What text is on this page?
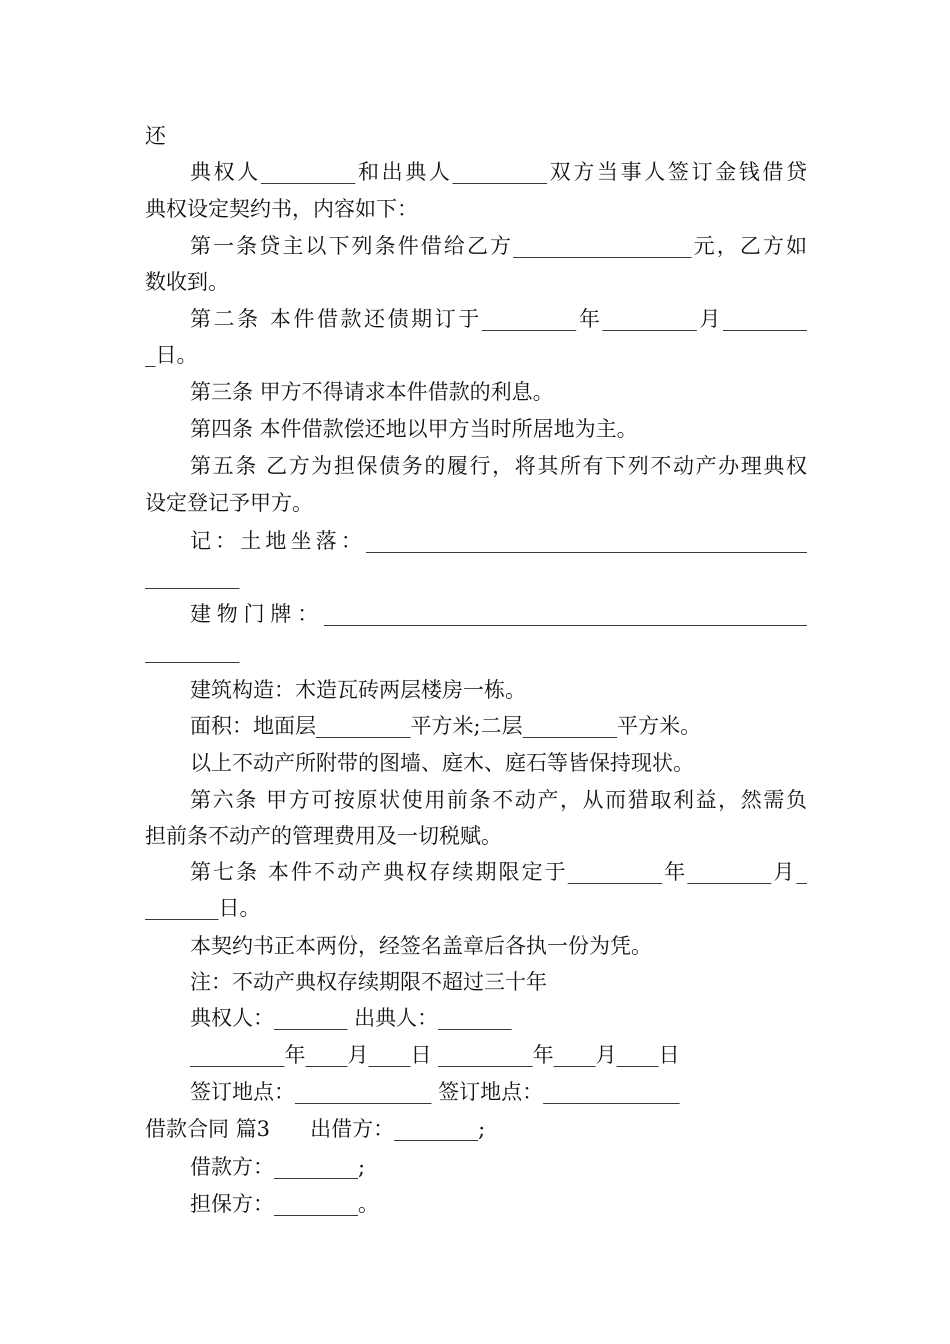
还
典权人_________和出典人_________双方当事人签订金钱借贷
典权设定契约书，内容如下：
第一条贷主以下列条件借给乙方_________________元，乙方如
数收到。
第二条 本件借款还债期订于_________年_________月________
_日。
第三条 甲方不得请求本件借款的利息。
第四条 本件借款偿还地以甲方当时所居地为主。
第五条 乙方为担保债务的履行，将其所有下列不动产办理典权
设定登记予甲方。
记：土地坐落：__________________________________________
_________
建物门牌：______________________________________________
_________
建筑构造：木造瓦砖两层楼房一栋。
面积：地面层_________平方米;二层_________平方米。
以上不动产所附带的图墙、庭木、庭石等皆保持现状。
第六条 甲方可按原状使用前条不动产，从而猎取利益，然需负
担前条不动产的管理费用及一切税赋。
第七条 本件不动产典权存续期限定于_________年________月_
_______日。
本契约书正本两份，经签名盖章后各执一份为凭。
注：不动产典权存续期限不超过三十年
典权人：_______ 出典人：_______
_________年____月____日 _________年____月____日
签订地点：_____________ 签订地点：_____________
借款合同 篇3      出借方：________;
借款方：________;
担保方：________。
